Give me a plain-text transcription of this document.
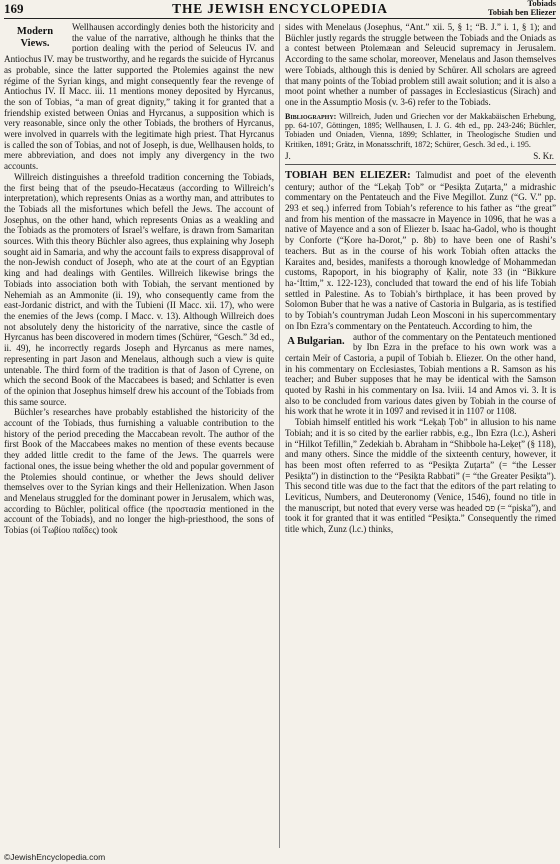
169	THE JEWISH ENCYCLOPEDIA	Tobiads
Tobiah ben Eliezer

Modern Views.
Wellhausen accordingly denies both the historicity and the value of the narrative, although he thinks that the portion dealing with the period of Seleucus IV. and Antiochus IV. may be trustworthy, and he regards the suicide of Hyrcanus as probable, since the latter supported the Ptolemies against the new régime of the Syrian kings, and might consequently fear the revenge of Antiochus IV. II Macc. iii. 11 mentions money deposited by Hyrcanus, the son of Tobias, “a man of great dignity,” taking it for granted that a friendship existed between Onias and Hyrcanus, a supposition which is very reasonable, since only the other Tobiads, the brothers of Hyrcanus, were involved in quarrels with the legitimate high priest. That Hyrcanus is called the son of Tobias, and not of Joseph, is due, Wellhausen holds, to mere abbreviation, and does not imply any divergency in the two accounts.

Willreich distinguishes a threefold tradition concerning the Tobiads, the first being that of the pseudo-Hecatæus (according to Willreich’s interpretation), which represents Onias as a worthy man, and attributes to the Tobiads all the misfortunes which befell the Jews. The account of Josephus, on the other hand, which represents Onias as a weakling and the Tobiads as the promoters of Israel’s welfare, is drawn from Samaritan sources. With this theory Büchler also agrees, thus explaining why Joseph sought aid in Samaria, and why the account fails to express disapproval of the non-Jewish conduct of Joseph, who ate at the court of an Egyptian king and had dealings with Gentiles. Willreich likewise brings the Tobiads into association both with Tobiah, the servant mentioned by Nehemiah as an Ammonite (ii. 19), who consequently came from the east-Jordanic district, and with the Tubieni (II Macc. xii. 17), who were the enemies of the Jews (comp. I Macc. v. 13). Although Willreich does not absolutely deny the historicity of the narrative, since the castle of Hyrcanus has been discovered in modern times (Schürer, “Gesch.” 3d ed., ii. 49), he incorrectly regards Joseph and Hyrcanus as mere names, representing in part Jason and Menelaus, although such a view is quite untenable. The third form of the tradition is that of Jason of Cyrene, on which the second Book of the Maccabees is based; and Schlatter is even of the opinion that Josephus himself drew his account of the Tobiads from this same source.

Büchler’s researches have probably established the historicity of the account of the Tobiads, thus furnishing a valuable contribution to the history of the period preceding the Maccabean revolt. The author of the first Book of the Maccabees makes no mention of these events because they added little credit to the fame of the Jews. The quarrels were factional ones, the issue being whether the old and popular government of the Ptolemies should continue, or whether the Jews should deliver themselves over to the Syrian kings and their Hellenization. When Jason and Menelaus struggled for the dominant power in Jerusalem, which was, according to Büchler, political office (the προστασία mentioned in the account of the Tobiads), and no longer the high-priesthood, the sons of Tobias (οἱ Τωβίου παῖδες) took

sides with Menelaus (Josephus, “Ant.” xii. 5, § 1; “B. J.” i. 1, § 1); and Büchler justly regards the struggle between the Tobiads and the Oniads as a contest between Ptolemæan and Seleucid supremacy in Jerusalem. According to the same scholar, moreover, Menelaus and Jason themselves were Tobiads, although this is denied by Schürer. All scholars are agreed that many points of the Tobiad problem still await solution; and it is also a moot point whether a number of passages in Ecclesiasticus (Sirach) and one in the Assumptio Mosis (v. 3-6) refer to the Tobiads.

Bibliography: Willreich, Juden und Griechen vor der Makkabäischen Erhebung, pp. 64-107, Göttingen, 1895; Wellhausen, I. J. G. 4th ed., pp. 243-246; Büchler, Tobiaden und Oniaden, Vienna, 1899; Schlatter, in Theologische Studien und Kritiken, 1891; Grätz, in Monatsschrift, 1872; Schürer, Gesch. 3d ed., i. 195.

J.	S. Kr.

TOBIAH BEN ELIEZER: Talmudist and poet of the eleventh century; author of the “Leḳaḥ Ṭob” or “Pesiḳta Zuṭarta,” a midrashic commentary on the Pentateuch and the Five Megillot. Zunz (“G. V.” pp. 293 et seq.) inferred from Tobiah’s reference to his father as “the great” and from his mention of the massacre in Mayence in 1096, that he was a native of Mayence and a son of Eliezer b. Isaac ha-Gadol, who is thought by Conforte (“Ḳore ha-Dorot,” p. 8b) to have been one of Rashi’s teachers. But as in the course of his work Tobiah often attacks the Karaites and, besides, manifests a thorough knowledge of Mohammedan customs, Rapoport, in his biography of Ḳalir, note 33 (in “Bikkure ha-‘Ittim,” x. 122-123), concluded that toward the end of his life Tobiah settled in Palestine. As to Tobiah’s birthplace, it has been proved by Solomon Buber that he was a native of Castoria in Bulgaria, as is testified to by Tobiah’s countryman Judah Leon Mosconi in his supercommentary on Ibn Ezra’s commentary on the Pentateuch. According to him, the

A Bulgarian. author of the commentary on the Pentateuch mentioned by Ibn Ezra in the preface to his own work was a certain Meïr of Castoria, a pupil of Tobiah b. Eliezer. On the other hand, in his commentary on Ecclesiastes, Tobiah mentions a R. Samson as his teacher; and Buber supposes that he may be identical with the Samson quoted by Rashi in his commentary on Isa. lviii. 14 and Amos vi. 3. It is also to be concluded from various dates given by Tobiah in the course of his work that he wrote it in 1097 and revised it in 1107 or 1108.

Tobiah himself entitled his work “Leḳaḥ Ṭob” in allusion to his name Tobiah; and it is so cited by the earlier rabbis, e.g., Ibn Ezra (l.c.), Asheri in “Hilkot Tefillin,” Zedekiah b. Abraham in “Shibbole ha-Leḳeṭ” (§ 118), and many others. Since the middle of the sixteenth century, however, it has been most often referred to as “Pesiḳta Zuṭarta” (= “the Lesser Pesiḳta”) in distinction to the “Pesiḳta Rabbati” (= “the Greater Pesiḳta”). This second title was due to the fact that the editors of the part relating to Leviticus, Numbers, and Deuteronomy (Venice, 1546), found no title in the manuscript, but noted that every verse was headed פס (= “piska”), and took it for granted that it was entitled “Pesiḳta.” Consequently the rimed title which, Zunz (l.c.) thinks,

©JewishEncyclopedia.com
